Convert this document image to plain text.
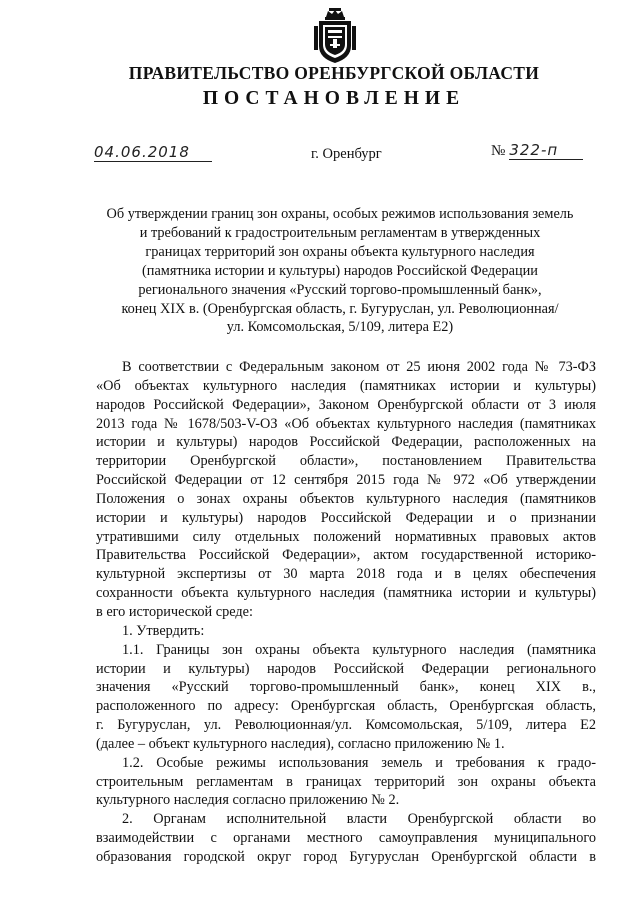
ПРАВИТЕЛЬСТВО ОРЕНБУРГСКОЙ ОБЛАСТИ
ПОСТАНОВЛЕНИЕ
04.06.2018	г. Оренбург	№ 322-п
Об утверждении границ зон охраны, особых режимов использования земель
и требований к градостроительным регламентам в утвержденных
границах территорий зон охраны объекта культурного наследия
(памятника истории и культуры) народов Российской Федерации
регионального значения «Русский торгово-промышленный банк»,
конец XIX в. (Оренбургская область, г. Бугуруслан, ул. Революционная/
ул. Комсомольская, 5/109, литера Е2)
В соответствии с Федеральным законом от 25 июня 2002 года № 73-ФЗ
«Об объектах культурного наследия (памятниках истории и культуры)
народов Российской Федерации», Законом Оренбургской области от 3 июля
2013 года № 1678/503-V-ОЗ «Об объектах культурного наследия (памятниках
истории и культуры) народов Российской Федерации, расположенных на
территории Оренбургской области», постановлением Правительства
Российской Федерации от 12 сентября 2015 года № 972 «Об утверждении
Положения о зонах охраны объектов культурного наследия (памятников
истории и культуры) народов Российской Федерации и о признании
утратившими силу отдельных положений нормативных правовых актов
Правительства Российской Федерации», актом государственной историко-
культурной экспертизы от 30 марта 2018 года и в целях обеспечения
сохранности объекта культурного наследия (памятника истории и культуры)
в его исторической среде:
1. Утвердить:
1.1. Границы зон охраны объекта культурного наследия (памятника
истории и культуры) народов Российской Федерации регионального
значения «Русский торгово-промышленный банк», конец XIX в.,
расположенного по адресу: Оренбургская область, Оренбургская область,
г. Бугуруслан, ул. Революционная/ул. Комсомольская, 5/109, литера Е2
(далее – объект культурного наследия), согласно приложению № 1.
1.2. Особые режимы использования земель и требования к градо-
строительным регламентам в границах территорий зон охраны объекта
культурного наследия согласно приложению № 2.
2. Органам исполнительной власти Оренбургской области во
взаимодействии с органами местного самоуправления муниципального
образования городской округ город Бугуруслан Оренбургской области в
